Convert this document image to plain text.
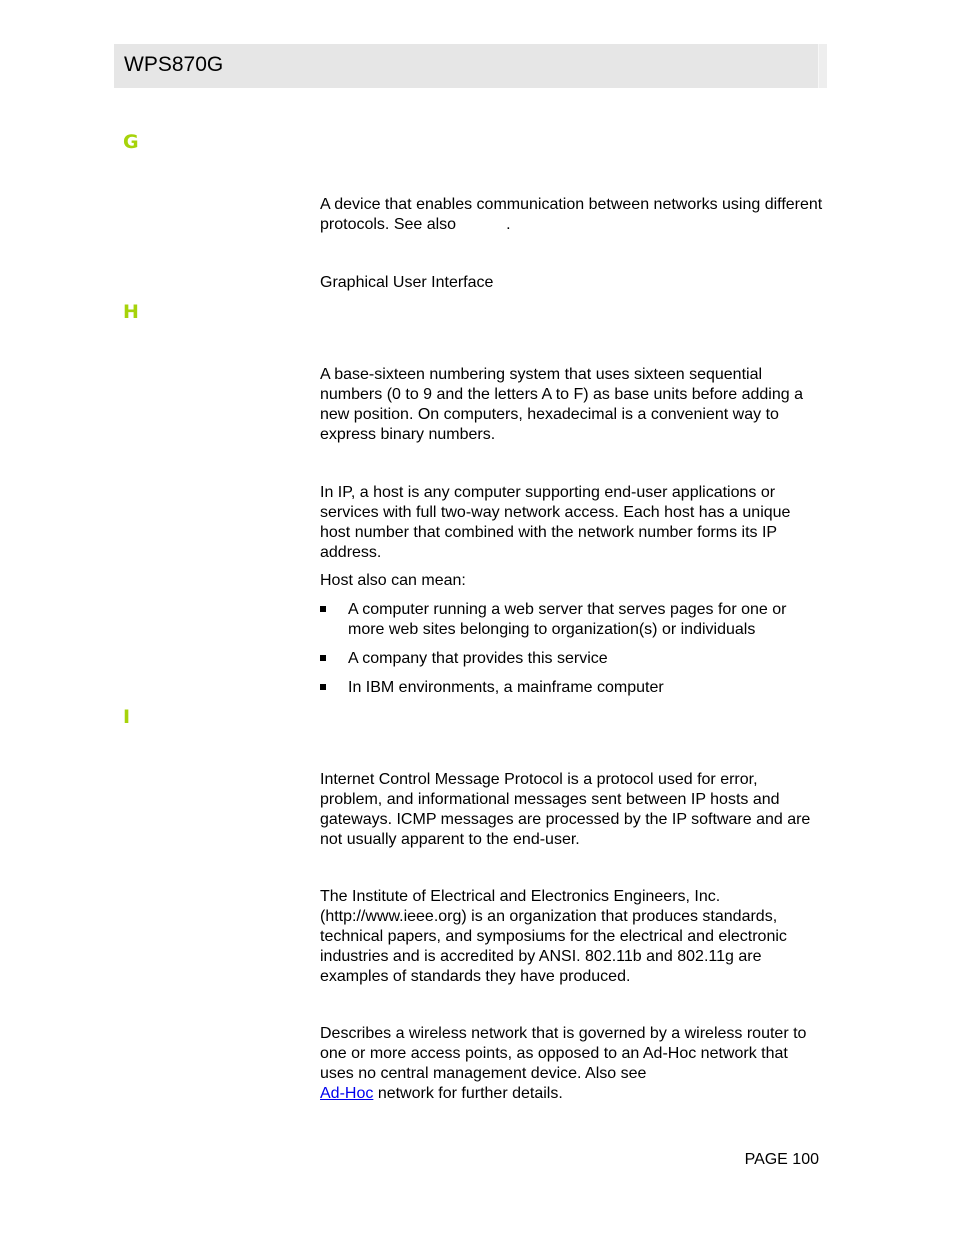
WPS870G
G

A device that enables communication between networks using different protocols. See also	.

Graphical User Interface

H

A base-sixteen numbering system that uses sixteen sequential numbers (0 to 9 and the letters A to F) as base units before adding a new position. On computers, hexadecimal is a convenient way to express binary numbers.

In IP, a host is any computer supporting end-user applications or services with full two-way network access. Each host has a unique host number that combined with the network number forms its IP address.

Host also can mean:

A computer running a web server that serves pages for one or more web sites belonging to organization(s) or individuals
A company that provides this service
In IBM environments, a mainframe computer
I

Internet Control Message Protocol is a protocol used for error, problem, and informational messages sent between IP hosts and gateways. ICMP messages are processed by the IP software and are not usually apparent to the end-user.

The Institute of Electrical and Electronics Engineers, Inc. (http://www.ieee.org) is an organization that produces standards, technical papers, and symposiums for the electrical and electronic industries and is accredited by ANSI. 802.11b and 802.11g are examples of standards they have produced.

Describes a wireless network that is governed by a wireless router to one or more access points, as opposed to an Ad-Hoc network that uses no central management device. Also see
Ad-Hoc network for further details.

PAGE 100
